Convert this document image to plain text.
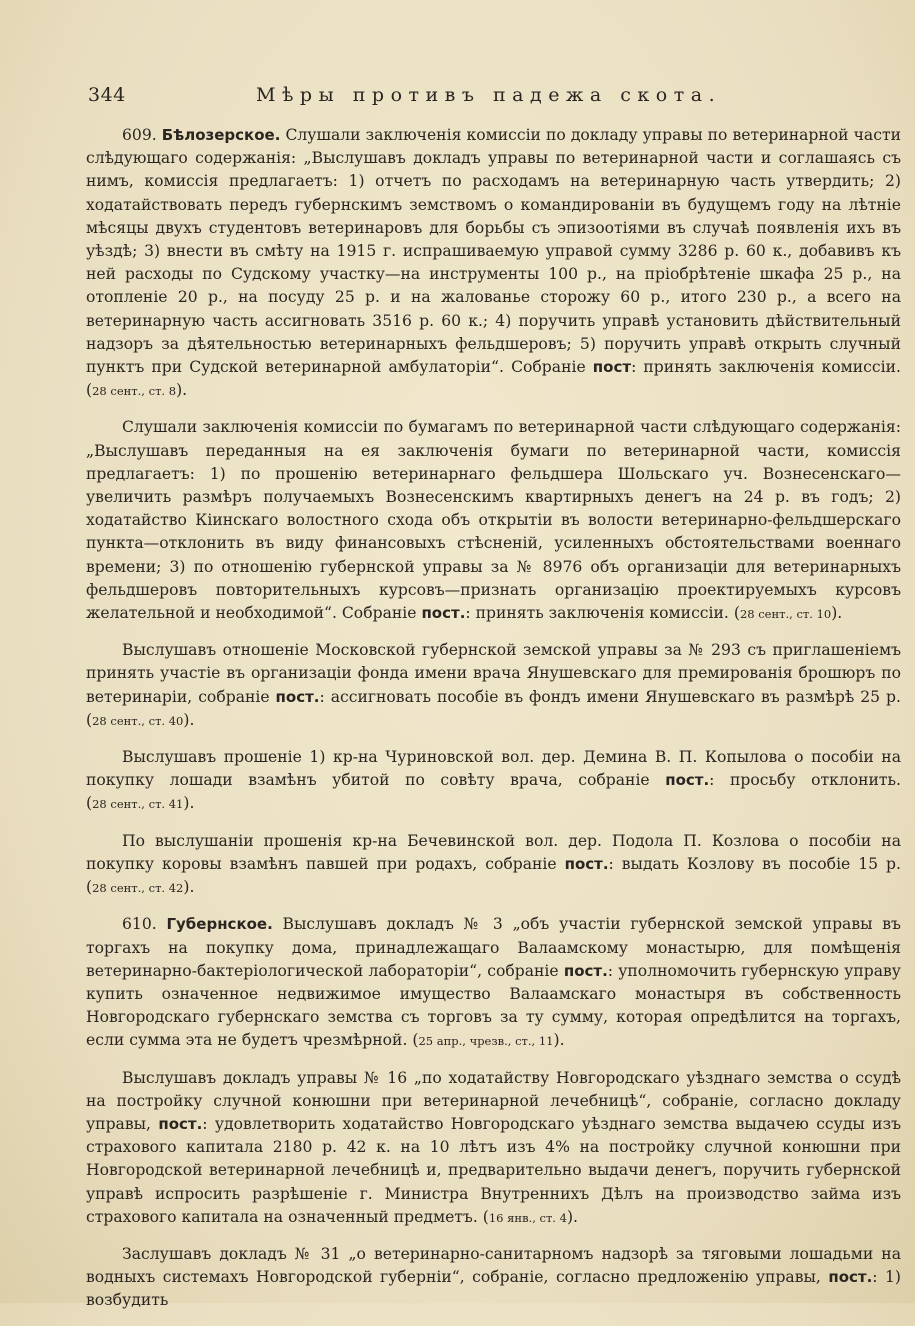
344	Мѣры противъ падежа скота.

609. Бѣлозерское. Слушали заключенія комиссіи по докладу управы по ветеринарной части слѣдующаго содержанія: „Выслушавъ докладъ управы по ветеринарной части и соглашаясь съ нимъ, комиссія предлагаетъ: 1) отчетъ по расходамъ на ветеринарную часть утвердить; 2) ходатайствовать передъ губернскимъ земствомъ о командированіи въ будущемъ году на лѣтніе мѣсяцы двухъ студентовъ ветеринаровъ для борьбы съ эпизоотіями въ случаѣ появленія ихъ въ уѣздѣ; 3) внести въ смѣту на 1915 г. испрашиваемую управой сумму 3286 р. 60 к., добавивъ къ ней расходы по Судскому участку—на инструменты 100 р., на пріобрѣтеніе шкафа 25 р., на отопленіе 20 р., на посуду 25 р. и на жалованье сторожу 60 р., итого 230 р., а всего на ветеринарную часть ассигновать 3516 р. 60 к.; 4) поручить управѣ установить дѣйствительный надзоръ за дѣятельностью ветеринарныхъ фельдшеровъ; 5) поручить управѣ открыть случный пунктъ при Судской ветеринарной амбулаторіи“. Собраніе пост: принять заключенія комиссіи. (28 сент., ст. 8).

Слушали заключенія комиссіи по бумагамъ по ветеринарной части слѣдующаго содержанія: „Выслушавъ переданныя на ея заключенія бумаги по ветеринарной части, комиссія предлагаетъ: 1) по прошенію ветеринарнаго фельдшера Шольскаго уч. Вознесенскаго—увеличить размѣръ получаемыхъ Вознесенскимъ квартирныхъ денегъ на 24 р. въ годъ; 2) ходатайство Кіинскаго волостного схода объ открытіи въ волости ветеринарно-фельдшерскаго пункта—отклонить въ виду финансовыхъ стѣсненій, усиленныхъ обстоятельствами военнаго времени; 3) по отношенію губернской управы за № 8976 объ организаціи для ветеринарныхъ фельдшеровъ повторительныхъ курсовъ—признать организацію проектируемыхъ курсовъ желательной и необходимой“. Собраніе пост.: принять заключенія комиссіи. (28 сент., ст. 10).

Выслушавъ отношеніе Московской губернской земской управы за № 293 съ приглашеніемъ принять участіе въ организаціи фонда имени врача Янушевскаго для премированія брошюръ по ветеринаріи, собраніе пост.: ассигновать пособіе въ фондъ имени Янушевскаго въ размѣрѣ 25 р. (28 сент., ст. 40).

Выслушавъ прошеніе 1) кр-на Чуриновской вол. дер. Демина В. П. Копылова о пособіи на покупку лошади взамѣнъ убитой по совѣту врача, собраніе пост.: просьбу отклонить. (28 сент., ст. 41).

По выслушаніи прошенія кр-на Бечевинской вол. дер. Подола П. Козлова о пособіи на покупку коровы взамѣнъ павшей при родахъ, собраніе пост.: выдать Козлову въ пособіе 15 р. (28 сент., ст. 42).

610. Губернское. Выслушавъ докладъ № 3 „объ участіи губернской земской управы въ торгахъ на покупку дома, принадлежащаго Валаамскому монастырю, для помѣщенія ветеринарно-бактеріологической лабораторіи“, собраніе пост.: уполномочить губернскую управу купить означенное недвижимое имущество Валаамскаго монастыря въ собственность Новгородскаго губернскаго земства съ торговъ за ту сумму, которая опредѣлится на торгахъ, если сумма эта не будетъ чрезмѣрной. (25 апр., чрезв., ст., 11).

Выслушавъ докладъ управы № 16 „по ходатайству Новгородскаго уѣзднаго земства о ссудѣ на постройку случной конюшни при ветеринарной лечебницѣ“, собраніе, согласно докладу управы, пост.: удовлетворить ходатайство Новгородскаго уѣзднаго земства выдачею ссуды изъ страхового капитала 2180 р. 42 к. на 10 лѣтъ изъ 4% на постройку случной конюшни при Новгородской ветеринарной лечебницѣ и, предварительно выдачи денегъ, поручить губернской управѣ испросить разрѣшеніе г. Министра Внутреннихъ Дѣлъ на производство займа изъ страхового капитала на означенный предметъ. (16 янв., ст. 4).

Заслушавъ докладъ № 31 „о ветеринарно-санитарномъ надзорѣ за тяговыми лошадьми на водныхъ системахъ Новгородской губерніи“, собраніе, согласно предложенію управы, пост.: 1) возбудить
